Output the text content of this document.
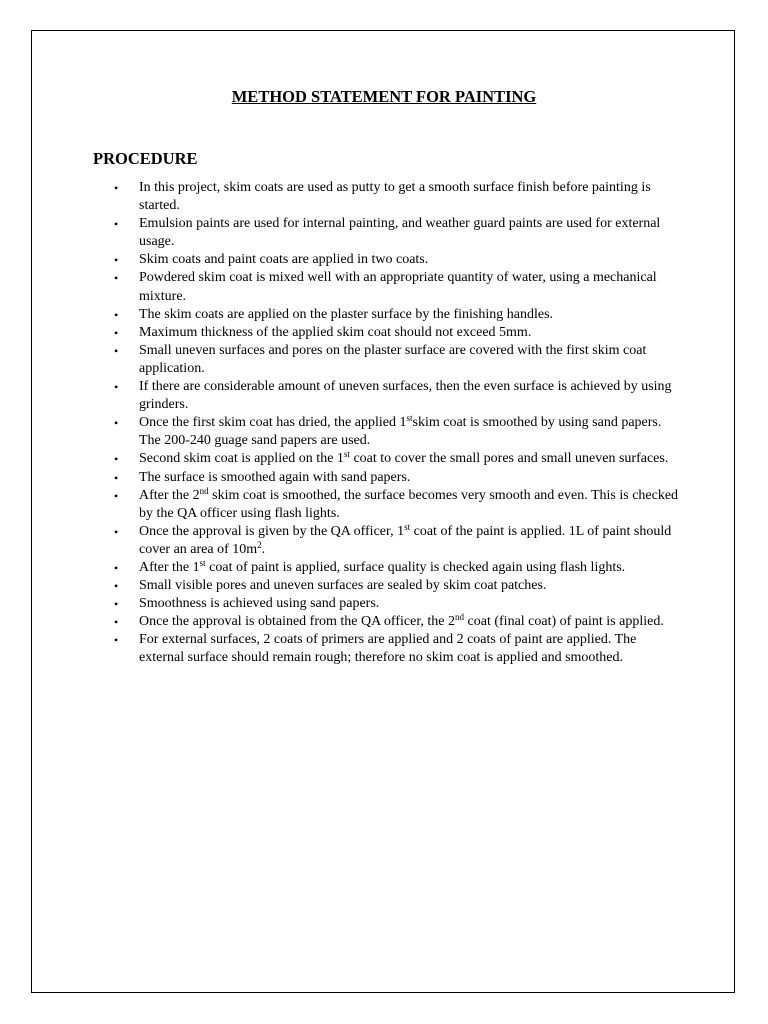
METHOD STATEMENT FOR PAINTING
PROCEDURE
• In this project, skim coats are used as putty to get a smooth surface finish before painting is started.
• Emulsion paints are used for internal painting, and weather guard paints are used for external usage.
• Skim coats and paint coats are applied in two coats.
• Powdered skim coat is mixed well with an appropriate quantity of water, using a mechanical mixture.
• The skim coats are applied on the plaster surface by the finishing handles.
• Maximum thickness of the applied skim coat should not exceed 5mm.
• Small uneven surfaces and pores on the plaster surface are covered with the first skim coat application.
• If there are considerable amount of uneven surfaces, then the even surface is achieved by using grinders.
• Once the first skim coat has dried, the applied 1stskim coat is smoothed by using sand papers. The 200-240 guage sand papers are used.
• Second skim coat is applied on the 1st coat to cover the small pores and small uneven surfaces.
• The surface is smoothed again with sand papers.
• After the 2nd skim coat is smoothed, the surface becomes very smooth and even. This is checked by the QA officer using flash lights.
• Once the approval is given by the QA officer, 1st coat of the paint is applied. 1L of paint should cover an area of $10m^2$.
• After the 1st coat of paint is applied, surface quality is checked again using flash lights.
• Small visible pores and uneven surfaces are sealed by skim coat patches.
• Smoothness is achieved using sand papers.
• Once the approval is obtained from the QA officer, the 2nd coat (final coat) of paint is applied.
• For external surfaces, 2 coats of primers are applied and 2 coats of paint are applied. The external surface should remain rough; therefore no skim coat is applied and smoothed.
